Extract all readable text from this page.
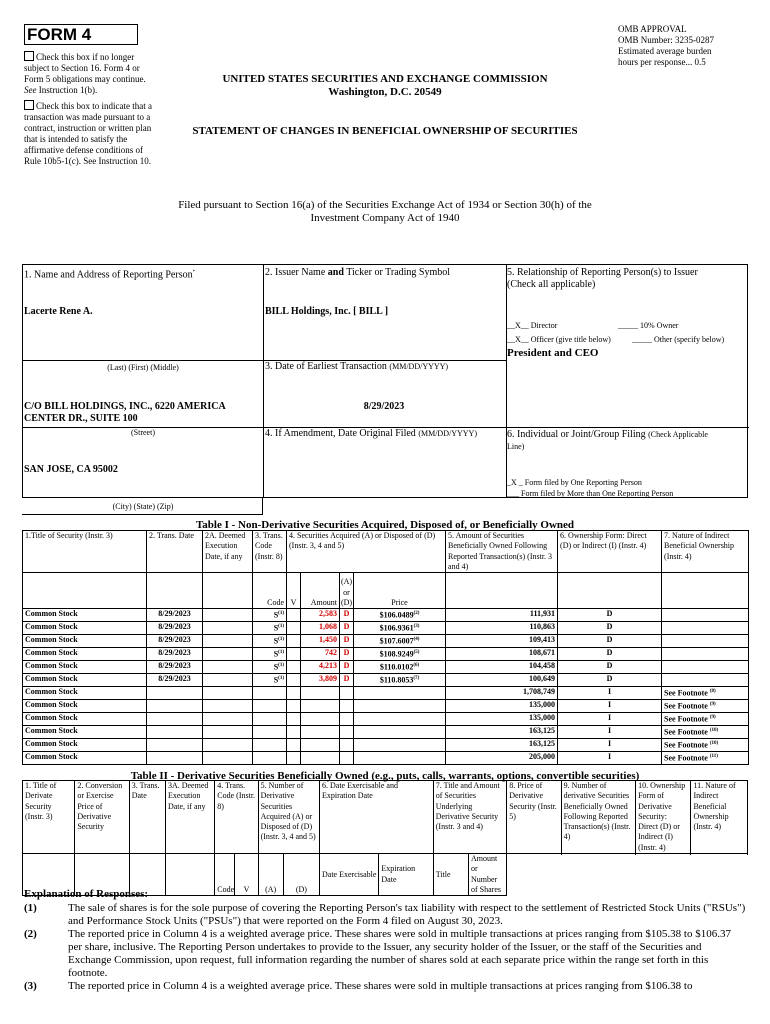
FORM 4
Check this box if no longer subject to Section 16. Form 4 or Form 5 obligations may continue. See Instruction 1(b).
Check this box to indicate that a transaction was made pursuant to a contract, instruction or written plan that is intended to satisfy the affirmative defense conditions of Rule 10b5-1(c). See Instruction 10.
UNITED STATES SECURITIES AND EXCHANGE COMMISSION
Washington, D.C. 20549
STATEMENT OF CHANGES IN BENEFICIAL OWNERSHIP OF SECURITIES
OMB APPROVAL
OMB Number: 3235-0287
Estimated average burden
hours per response... 0.5
Filed pursuant to Section 16(a) of the Securities Exchange Act of 1934 or Section 30(h) of the
Investment Company Act of 1940
1. Name and Address of Reporting Person*
Lacerte Rene A.
(Last) (First) (Middle)
C/O BILL HOLDINGS, INC., 6220 AMERICA CENTER DR., SUITE 100
(Street)
SAN JOSE, CA 95002
(City) (State) (Zip)
2. Issuer Name and Ticker or Trading Symbol
BILL Holdings, Inc. [ BILL ]
3. Date of Earliest Transaction (MM/DD/YYYY)
8/29/2023
4. If Amendment, Date Original Filed (MM/DD/YYYY)
5. Relationship of Reporting Person(s) to Issuer
(Check all applicable)
__X__ Director	_____ 10% Owner
__X__ Officer (give title below)	_____ Other (specify below)
President and CEO
6. Individual or Joint/Group Filing (Check Applicable
Line)
_X _ Form filed by One Reporting Person
___ Form filed by More than One Reporting Person
Table I - Non-Derivative Securities Acquired, Disposed of, or Beneficially Owned
1.Title of Security (Instr. 3)	2. Trans. Date	2A. Deemed Execution Date, if any	3. Trans. Code (Instr. 8)	4. Securities Acquired (A) or Disposed of (D) (Instr. 3, 4 and 5)				5. Amount of Securities Beneficially Owned Following Reported Transaction(s) (Instr. 3 and 4)	6. Ownership Form: Direct (D) or Indirect (I) (Instr. 4)	7. Nature of Indirect Beneficial Ownership (Instr. 4)
			Code	V	Amount	(A) or (D)	Price			
Common Stock	8/29/2023		$S^{(1)}$		2,583	D	$106.0489$^{(2)}$	111,931	D	
Common Stock	8/29/2023		$S^{(1)}$		1,068	D	$106.9361$^{(3)}$	110,863	D	
Common Stock	8/29/2023		$S^{(1)}$		1,450	D	$107.6007$^{(4)}$	109,413	D	
Common Stock	8/29/2023		$S^{(1)}$		742	D	$108.9249$^{(5)}$	108,671	D	
Common Stock	8/29/2023		$S^{(1)}$		4,213	D	$110.0102$^{(6)}$	104,458	D	
Common Stock	8/29/2023		$S^{(1)}$		3,809	D	$110.8053$^{(7)}$	100,649	D	
Common Stock								1,708,749	I	See Footnote $^{(8)}$
Common Stock								135,000	I	See Footnote $^{(9)}$
Common Stock								135,000	I	See Footnote $^{(9)}$
Common Stock								163,125	I	See Footnote $^{(10)}$
Common Stock								163,125	I	See Footnote $^{(10)}$
Common Stock								205,000	I	See Footnote $^{(11)}$
Table II - Derivative Securities Beneficially Owned (e.g., puts, calls, warrants, options, convertible securities)
1. Title of Derivate Security (Instr. 3)	2. Conversion or Exercise Price of Derivative Security	3. Trans. Date	3A. Deemed Execution Date, if any	4. Trans. Code (Instr. 8)		5. Number of Derivative Securities Acquired (A) or Disposed of (D) (Instr. 3, 4 and 5)		6. Date Exercisable and Expiration Date		7. Title and Amount of Securities Underlying Derivative Security (Instr. 3 and 4)		8. Price of Derivative Security (Instr. 5)	9. Number of derivative Securities Beneficially Owned Following Reported Transaction(s) (Instr. 4)	10. Ownership Form of Derivative Security: Direct (D) or Indirect (I) (Instr. 4)	11. Nature of Indirect Beneficial Ownership (Instr. 4)

				Code	V	(A)	(D)	Date Exercisable	Expiration Date	Title	Amount or Number of Shares				
Explanation of Responses:
(1)	The sale of shares is for the sole purpose of covering the Reporting Person's tax liability with respect to the settlement of Restricted Stock Units ("RSUs") and Performance Stock Units ("PSUs") that were reported on the Form 4 filed on August 30, 2023.
(2)	The reported price in Column 4 is a weighted average price. These shares were sold in multiple transactions at prices ranging from $105.38 to $106.37 per share, inclusive. The Reporting Person undertakes to provide to the Issuer, any security holder of the Issuer, or the staff of the Securities and Exchange Commission, upon request, full information regarding the number of shares sold at each separate price within the range set forth in this footnote.
(3)	The reported price in Column 4 is a weighted average price. These shares were sold in multiple transactions at prices ranging from $106.38 to
